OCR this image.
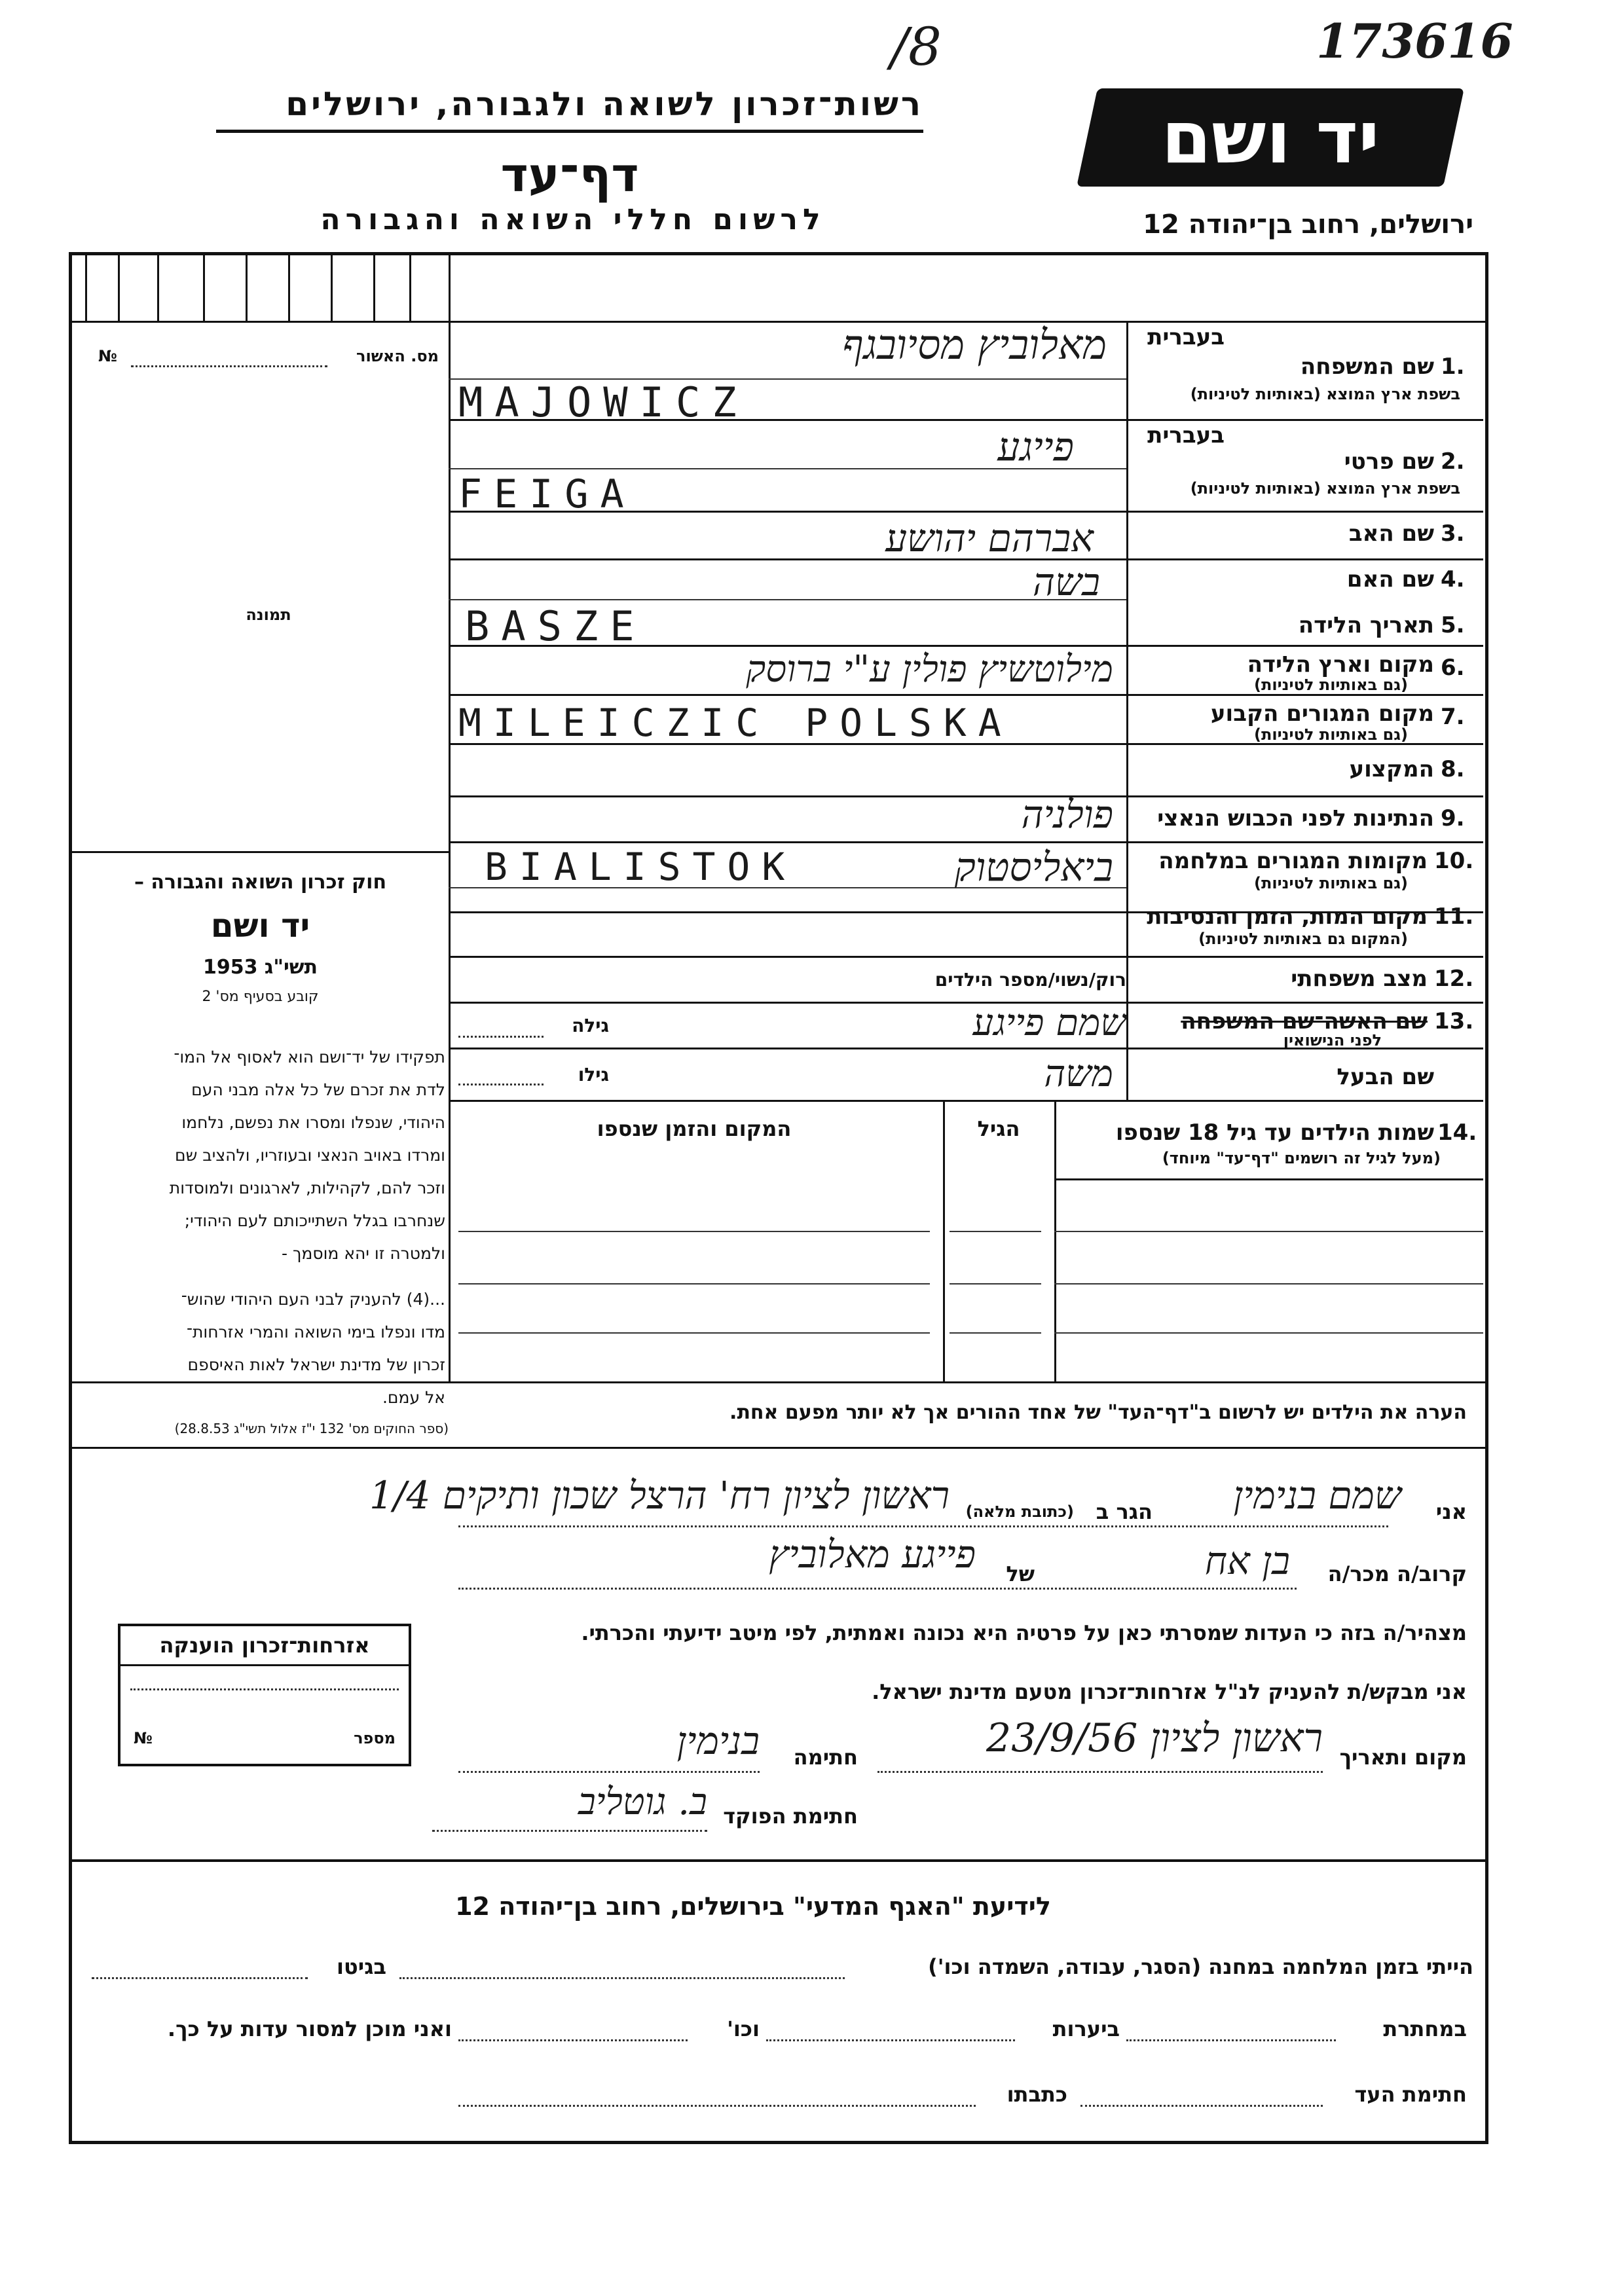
173616
/8
רשות־זכרון לשואה ולגבורה, ירושלים
דף־עד
לרשום חללי השואה והגבורה
יד ושם
ירושלים, רחוב בן־יהודה 12
מס. האשור
№
תמונה
חוק זכרון השואה והגבורה –
יד ושם
תשי"ג 1953
קובע בסעיף מס' 2
תפקידו של יד־ושם הוא לאסוף אל המו־
לדת את זכרם של כל אלה מבני העם
היהודי, שנפלו ומסרו את נפשם, נלחמו
ומרדו באויב הנאצי ובעוזריו, ולהציב שם
וזכר להם, לקהילות, לארגונים ולמוסדות
שנחרבו בגלל השתייכותם לעם היהודי;
ולמטרה זו יהא מוסמך -
...(4) להעניק לבני העם היהודי שהוש־
מדו ונפלו בימי השואה והמרי אזרחות־
זכרון של מדינת ישראל לאות האיספם
אל עמם.
(ספר החוקים מס' 132 י"ז אלול תשי"ג 28.8.53)
בעברית
1.
שם המשפחה
בשפת ארץ המוצא (באותיות לטיניות)
בעברית
2.
שם פרטי
בשפת ארץ המוצא (באותיות לטיניות)
3.
שם האב
4.
שם האם
5.
תאריך הלידה
6.
מקום וארץ הלידה
(גם באותיות לטיניות)
7.
מקום המגורים הקבוע
(גם באותיות לטיניות)
8.
המקצוע
9.
הנתינות לפני הכבוש הנאצי
10.
מקומות המגורים במלחמה
(גם באותיות לטיניות)
11.
מקום המות, הזמן והנסיבות
(המקום גם באותיות לטיניות)
12.
מצב משפחתי
רוק/נשוי/מספר הילדים
13.
שם האשה־שם המשפחה
לפני הנישואין
גילה
שם הבעל
גילו
מאלוביץ מסיובגף
MAJOWICZ
פייגע
FEIGA
אברהם יהושע
בשה
BASZE
מילוטשיץ פולין ע"י ברוסק
MILEICZIC POLSKA
פולניה
ביאליסטוק
BIALISTOK
שמם פייגע
משה
14.
שמות הילדים עד גיל 18 שנספו
(מעל לגיל זה רושמים "דף־עד" מיוחד)
הגיל
המקום והזמן שנספו
הערה את הילדים יש לרשום ב"דף־העד" של אחד ההורים אך לא יותר מפעם אחת.
אני
שמם בנימין
הגר ב
(כתובת מלאה)
ראשון לציון רח' הרצל שכון ותיקים 1/4
קרוב/ה מכר/ה
בן אח
של
פייגע מאלוביץ
מצהיר/ה בזה כי העדות שמסרתי כאן על פרטיה היא נכונה ואמתית, לפי מיטב ידיעתי והכרתי.
אני מבקש/ת להעניק לנ"ל אזרחות־זכרון מטעם מדינת ישראל.
מקום ותאריך
ראשון לציון 23/9/56
חתימה
בנימין
חתימת הפוקד
ב. גוטליב
אזרחות־זכרון הוענקה
מספר
№
לידיעת "האגף המדעי" בירושלים, רחוב בן־יהודה 12
הייתי בזמן המלחמה במחנה (הסגר, עבודה, השמדה וכו')
בגיטו
במחתרת
ביערות
וכו'
ואני מוכן למסור עדות על כך.
חתימת העד
כתבתו
